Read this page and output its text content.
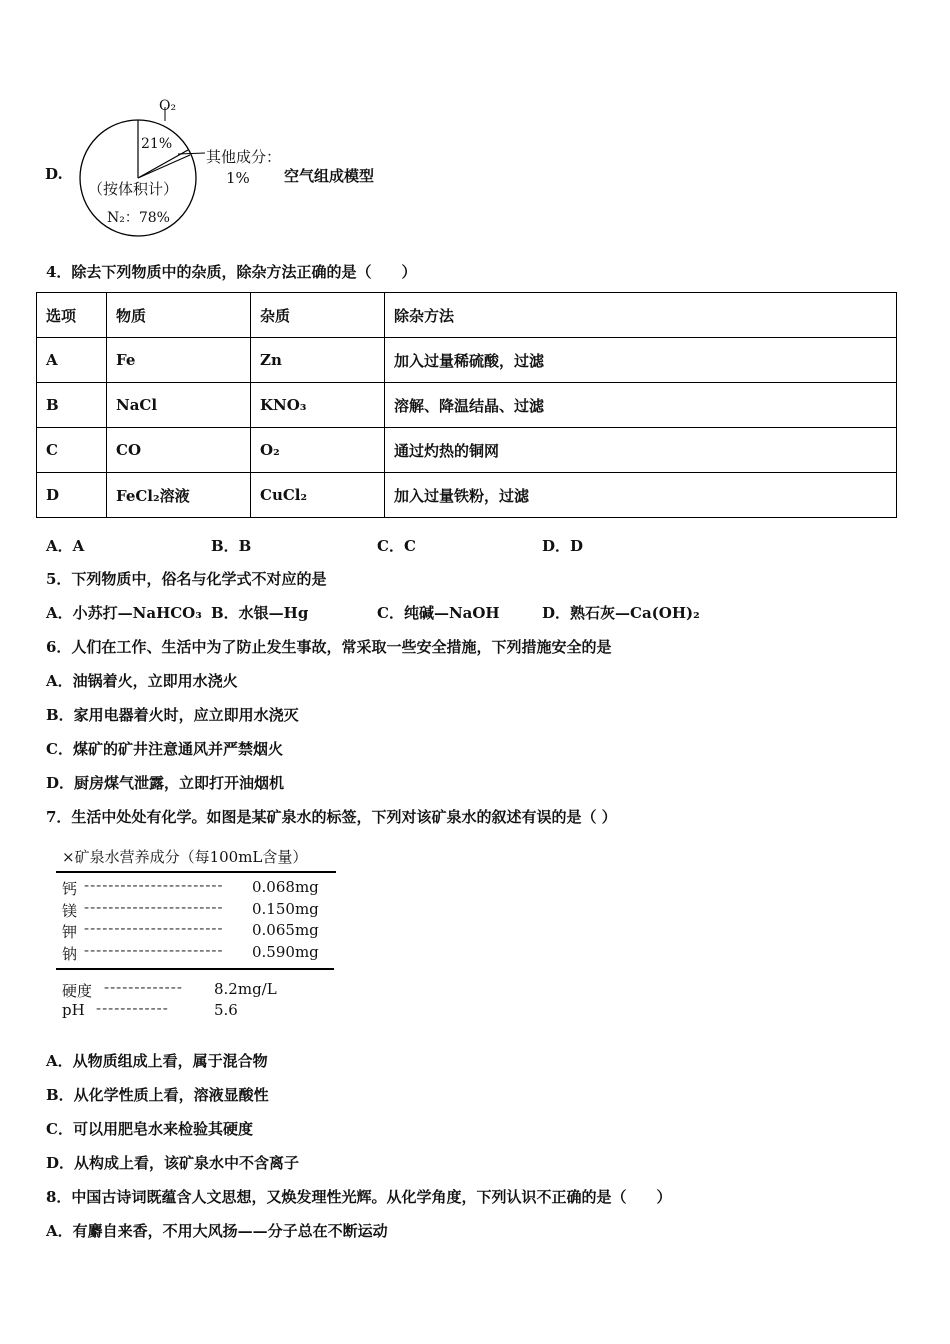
D.
O₂
21%
其他成分：
1%
（按体积计）
N₂：78%
空气组成模型
4．除去下列物质中的杂质，除杂方法正确的是（　　）
选项	物质	杂质	除杂方法
A	Fe	Zn	加入过量稀硫酸，过滤
B	NaCl	KNO₃	溶解、降温结晶、过滤
C	CO	O₂	通过灼热的铜网
D	FeCl₂溶液	CuCl₂	加入过量铁粉，过滤
A．A	B．B	C．C	D．D
5．下列物质中，俗名与化学式不对应的是
A．小苏打—NaHCO₃ B．水银—Hg	C．纯碱—NaOH	D．熟石灰—Ca(OH)₂
6．人们在工作、生活中为了防止发生事故，常采取一些安全措施，下列措施安全的是
A．油锅着火，立即用水浇火
B．家用电器着火时，应立即用水浇灭
C．煤矿的矿井注意通风并严禁烟火
D．厨房煤气泄露，立即打开油烟机
7．生活中处处有化学。如图是某矿泉水的标签，下列对该矿泉水的叙述有误的是（ ）
×矿泉水营养成分（每100mL含量）
钙 ----------------------- 0.068mg
镁 ----------------------- 0.150mg
钾 ----------------------- 0.065mg
钠 ----------------------- 0.590mg
硬度 ------------- 8.2mg/L
pH ------------	5.6
A．从物质组成上看，属于混合物
B．从化学性质上看，溶液显酸性
C．可以用肥皂水来检验其硬度
D．从构成上看，该矿泉水中不含离子
8．中国古诗词既蕴含人文思想，又焕发理性光辉。从化学角度，下列认识不正确的是（　　）
A．有麝自来香，不用大风扬——分子总在不断运动
